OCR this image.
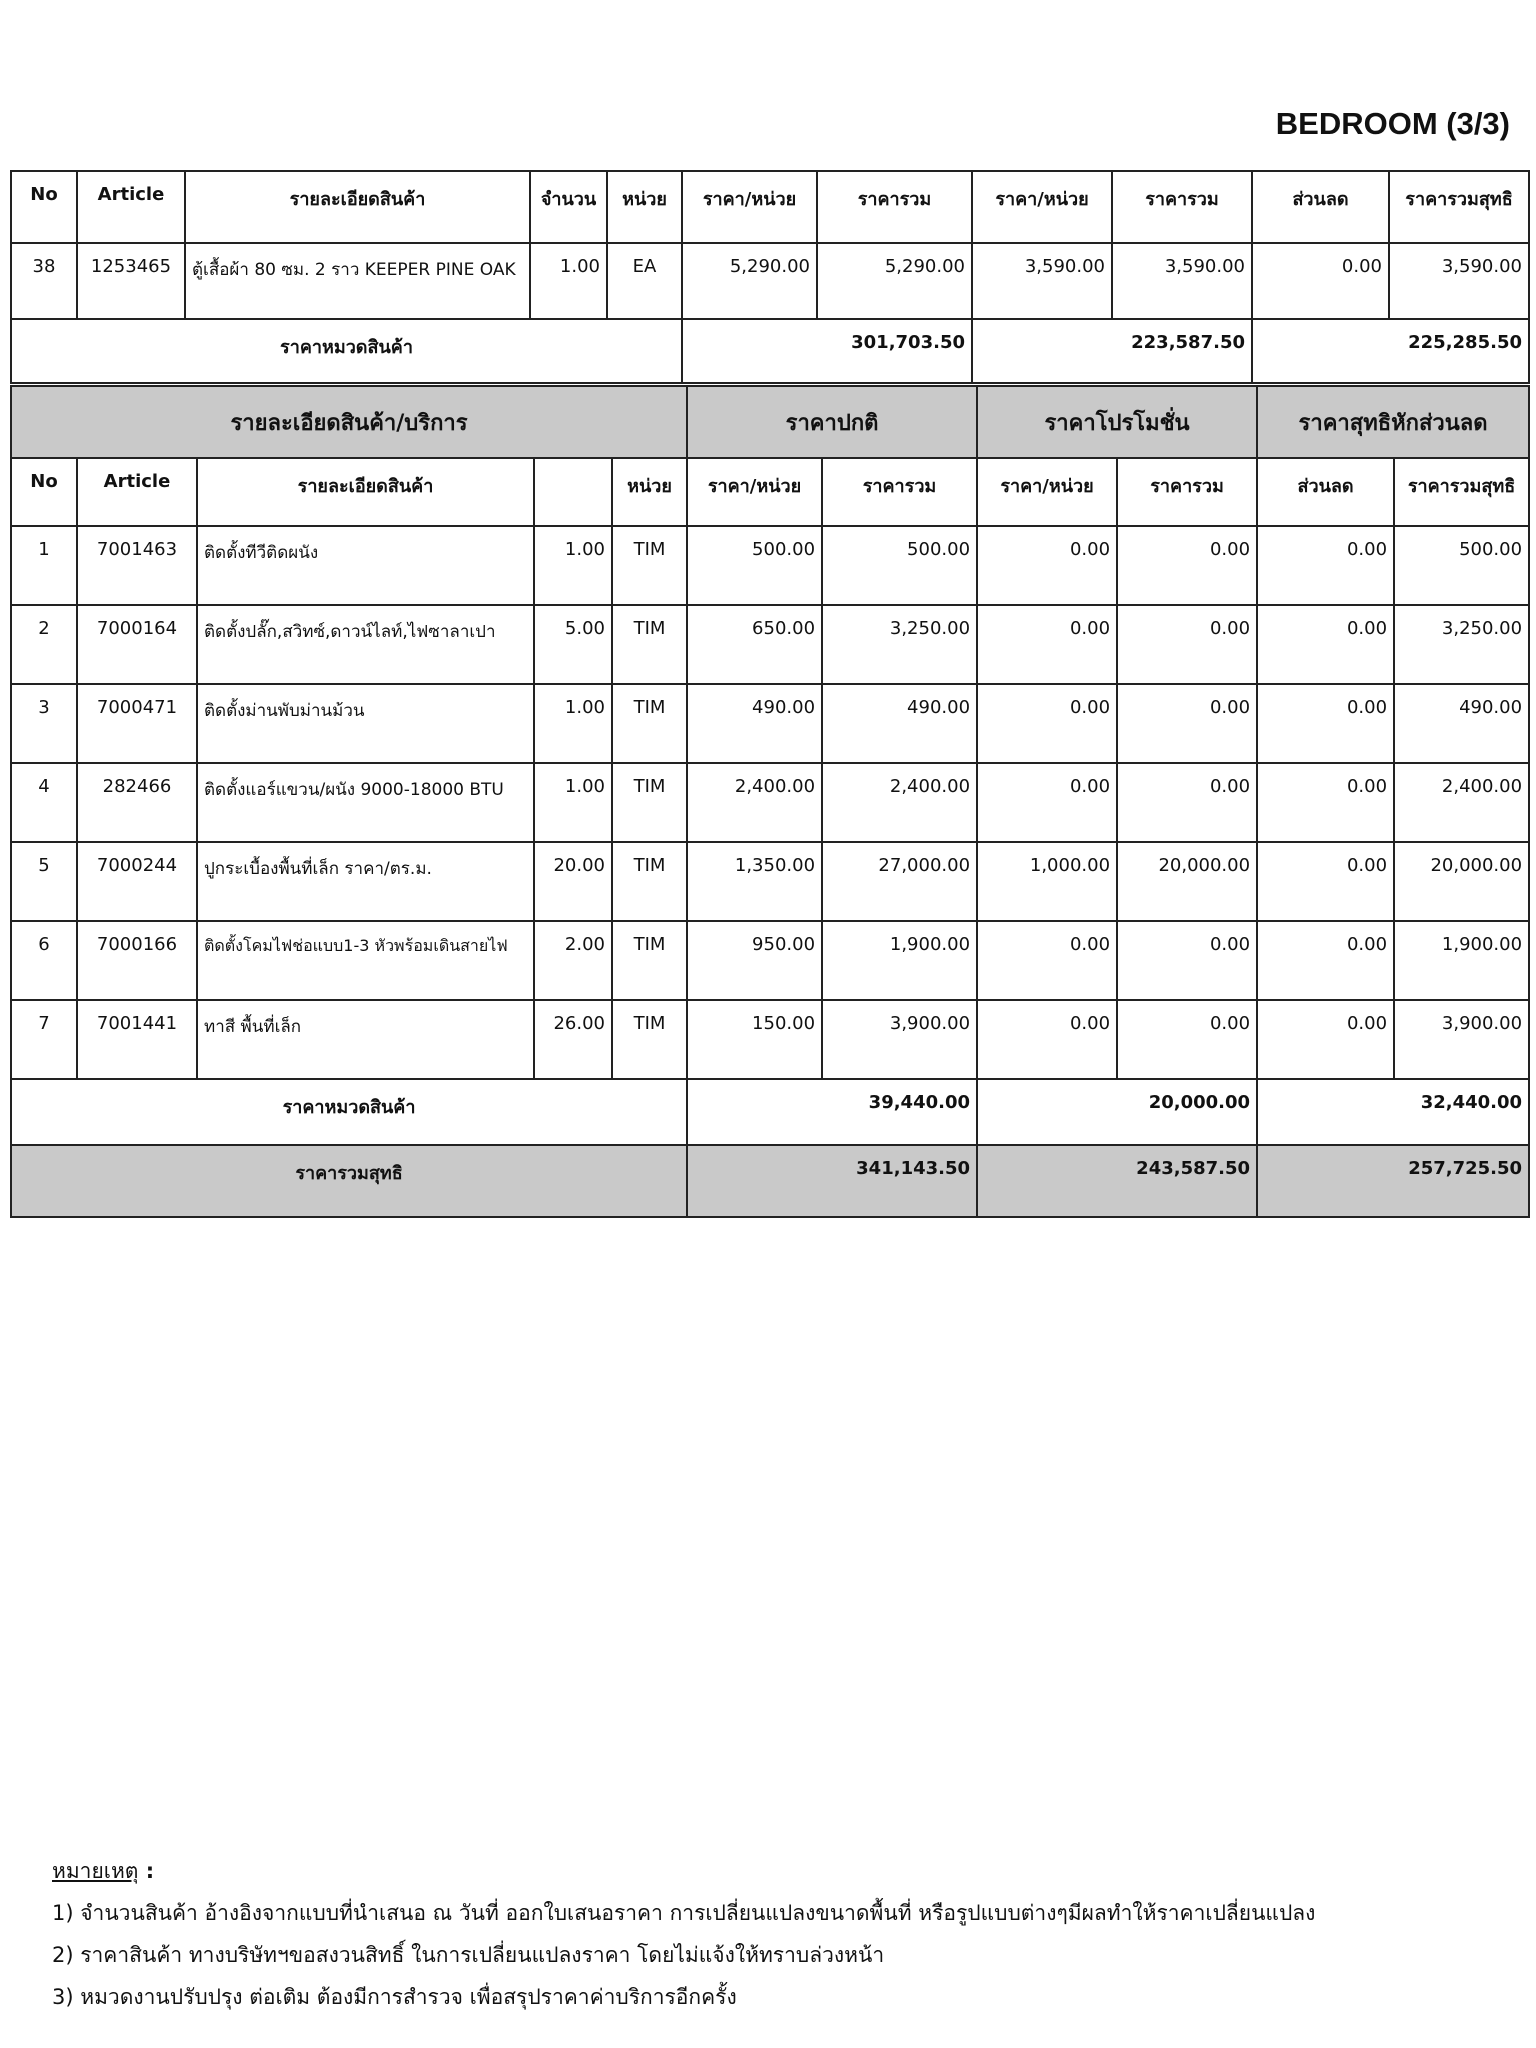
BEDROOM (3/3)
No	Article	รายละเอียดสินค้า	จำนวน	หน่วย	ราคา/หน่วย	ราคารวม	ราคา/หน่วย	ราคารวม	ส่วนลด	ราคารวมสุทธิ
38	1253465	ตู้เสื้อผ้า 80 ซม. 2 ราว KEEPER PINE OAK	1.00	EA	5,290.00	5,290.00	3,590.00	3,590.00	0.00	3,590.00
ราคาหมวดสินค้า					301,703.50		223,587.50		225,285.50	
รายละเอียดสินค้า/บริการ					ราคาปกติ		ราคาโปรโมชั่น		ราคาสุทธิหักส่วนลด	
No	Article	รายละเอียดสินค้า		หน่วย	ราคา/หน่วย	ราคารวม	ราคา/หน่วย	ราคารวม	ส่วนลด	ราคารวมสุทธิ
1	7001463	ติดตั้งทีวีติดผนัง	1.00	TIM	500.00	500.00	0.00	0.00	0.00	500.00
2	7000164	ติดตั้งปลั๊ก,สวิทซ์,ดาวน์ไลท์,ไฟซาลาเปา	5.00	TIM	650.00	3,250.00	0.00	0.00	0.00	3,250.00
3	7000471	ติดตั้งม่านพับม่านม้วน	1.00	TIM	490.00	490.00	0.00	0.00	0.00	490.00
4	282466	ติดตั้งแอร์แขวน/ผนัง 9000-18000 BTU	1.00	TIM	2,400.00	2,400.00	0.00	0.00	0.00	2,400.00
5	7000244	ปูกระเบื้องพื้นที่เล็ก ราคา/ตร.ม.	20.00	TIM	1,350.00	27,000.00	1,000.00	20,000.00	0.00	20,000.00
6	7000166	ติดตั้งโคมไฟช่อแบบ1-3 หัวพร้อมเดินสายไฟ	2.00	TIM	950.00	1,900.00	0.00	0.00	0.00	1,900.00
7	7001441	ทาสี พื้นที่เล็ก	26.00	TIM	150.00	3,900.00	0.00	0.00	0.00	3,900.00
ราคาหมวดสินค้า					39,440.00		20,000.00		32,440.00	
ราคารวมสุทธิ					341,143.50		243,587.50		257,725.50	
หมายเหตุ :
1) จำนวนสินค้า อ้างอิงจากแบบที่นำเสนอ ณ วันที่ ออกใบเสนอราคา การเปลี่ยนแปลงขนาดพื้นที่ หรือรูปแบบต่างๆมีผลทำให้ราคาเปลี่ยนแปลง
2) ราคาสินค้า ทางบริษัทฯขอสงวนสิทธิ์ ในการเปลี่ยนแปลงราคา โดยไม่แจ้งให้ทราบล่วงหน้า
3) หมวดงานปรับปรุง ต่อเติม ต้องมีการสำรวจ เพื่อสรุปราคาค่าบริการอีกครั้ง
